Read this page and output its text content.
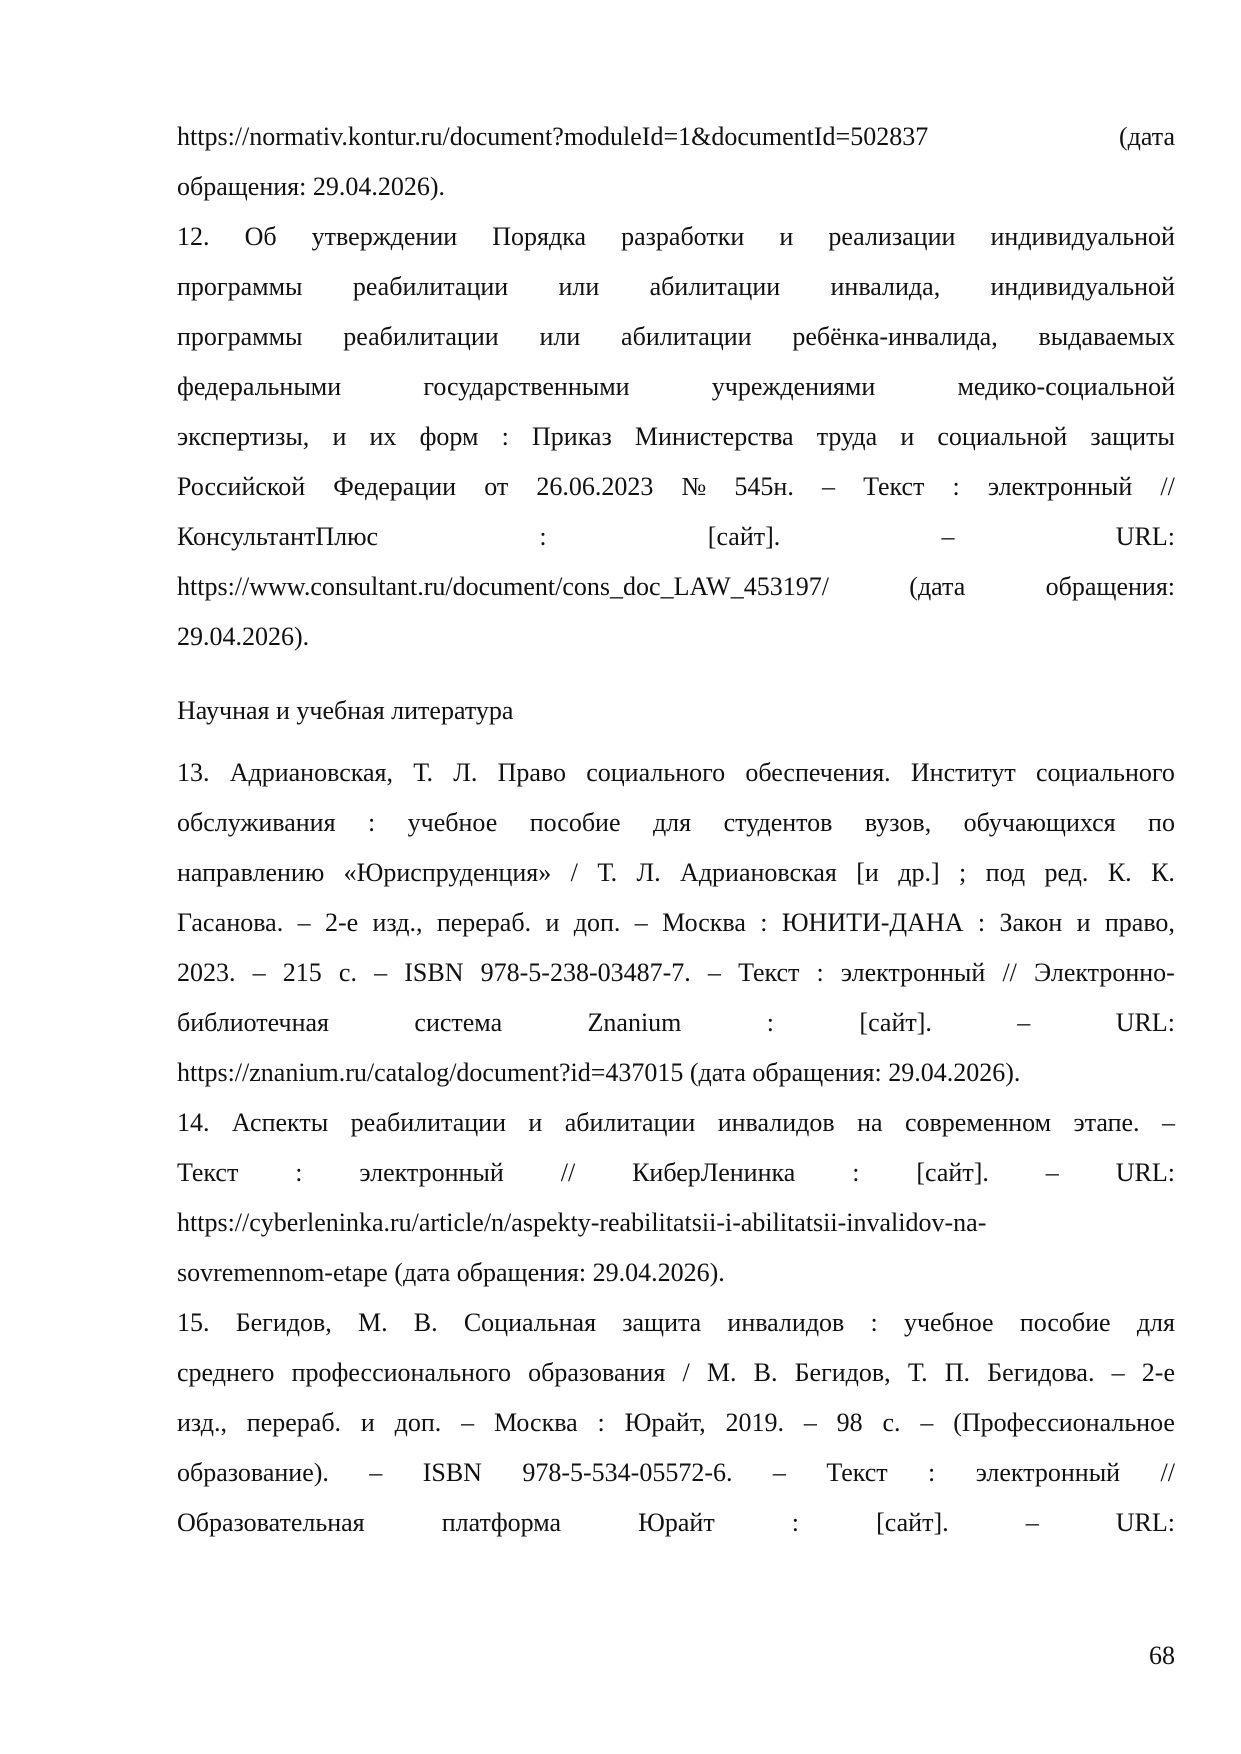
https://normativ.kontur.ru/document?moduleId=1&documentId=502837	(дата
обращения: 29.04.2026).
12. Об утверждении Порядка разработки и реализации индивидуальной
программы реабилитации или абилитации инвалида, индивидуальной
программы реабилитации или абилитации ребёнка-инвалида, выдаваемых
федеральными	государственными	учреждениями	медико-социальной
экспертизы, и их форм : Приказ Министерства труда и социальной защиты
Российской Федерации от 26.06.2023 № 545н. – Текст : электронный //
КонсультантПлюс	:	[сайт].	–	URL:
https://www.consultant.ru/document/cons_doc_LAW_453197/	(дата	обращения:
29.04.2026).
Научная и учебная литература
13. Адриановская, Т. Л. Право социального обеспечения. Институт социального
обслуживания : учебное пособие для студентов вузов, обучающихся по
направлению «Юриспруденция» / Т. Л. Адриановская [и др.] ; под ред. К. К.
Гасанова. – 2-е изд., перераб. и доп. – Москва : ЮНИТИ-ДАНА : Закон и право,
2023. – 215 с. – ISBN 978-5-238-03487-7. – Текст : электронный // Электронно-
библиотечная	система	Znanium	:	[сайт].	–	URL:
https://znanium.ru/catalog/document?id=437015 (дата обращения: 29.04.2026).
14. Аспекты реабилитации и абилитации инвалидов на современном этапе. –
Текст : электронный // КиберЛенинка : [сайт]. – URL:
https://cyberleninka.ru/article/n/aspekty-reabilitatsii-i-abilitatsii-invalidov-na-
sovremennom-etape (дата обращения: 29.04.2026).
15. Бегидов, М. В. Социальная защита инвалидов : учебное пособие для
среднего профессионального образования / М. В. Бегидов, Т. П. Бегидова. – 2-е
изд., перераб. и доп. – Москва : Юрайт, 2019. – 98 с. – (Профессиональное
образование). – ISBN 978-5-534-05572-6. – Текст : электронный //
Образовательная	платформа	Юрайт	:	[сайт].	–	URL:
68
